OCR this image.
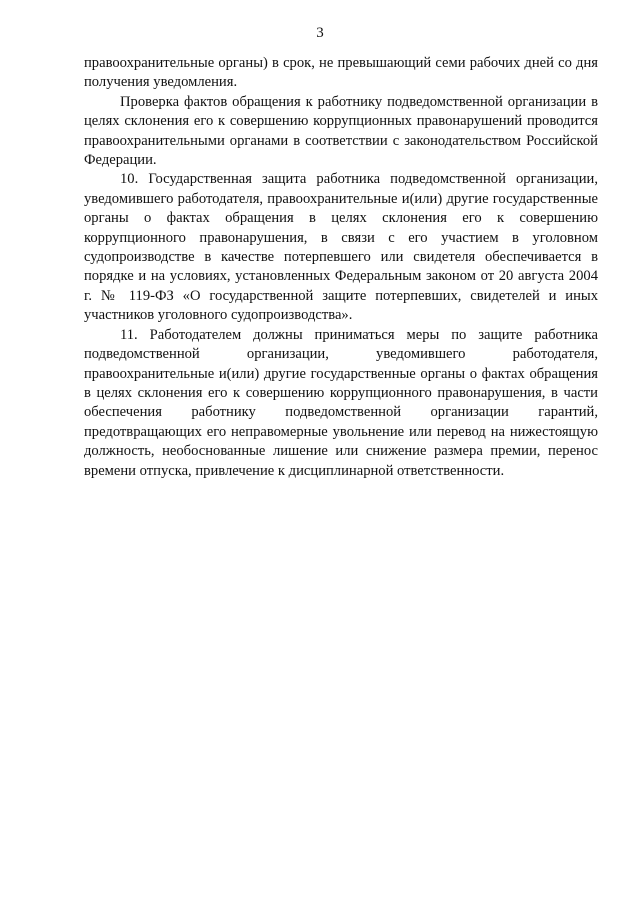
3

правоохранительные органы) в срок, не превышающий семи рабочих дней со дня получения уведомления.

Проверка фактов обращения к работнику подведомственной организации в целях склонения его к совершению коррупционных правонарушений проводится правоохранительными органами в соответствии с законодательством Российской Федерации.

10. Государственная защита работника подведомственной организации, уведомившего работодателя, правоохранительные и(или) другие государственные органы о фактах обращения в целях склонения его к совершению коррупционного правонарушения, в связи с его участием в уголовном судопроизводстве в качестве потерпевшего или свидетеля обеспечивается в порядке и на условиях, установленных Федеральным законом от 20 августа 2004 г. № 119-ФЗ «О государственной защите потерпевших, свидетелей и иных участников уголовного судопроизводства».

11. Работодателем должны приниматься меры по защите работника подведомственной организации, уведомившего работодателя, правоохранительные и(или) другие государственные органы о фактах обращения в целях склонения его к совершению коррупционного правонарушения, в части обеспечения работнику подведомственной организации гарантий, предотвращающих его неправомерные увольнение или перевод на нижестоящую должность, необоснованные лишение или снижение размера премии, перенос времени отпуска, привлечение к дисциплинарной ответственности.
